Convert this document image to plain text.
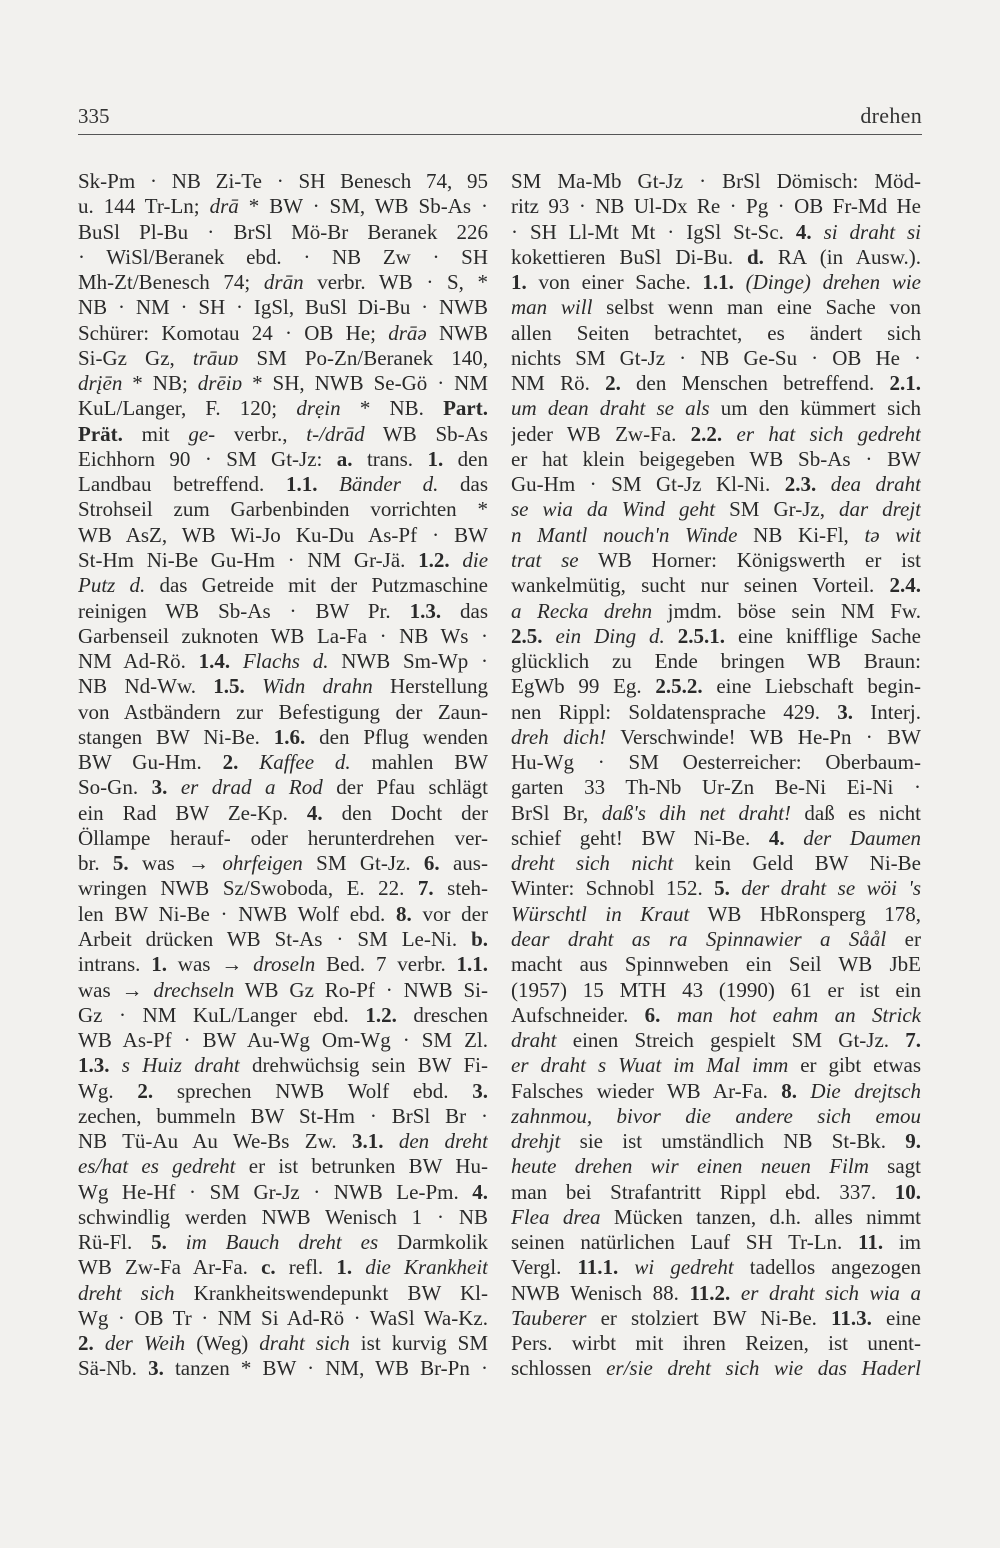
335	drehen
Sk-Pm · NB Zi-Te · SH Benesch 74, 95
u. 144 Tr-Ln; drā * BW · SM, WB Sb-As ·
BuSl Pl-Bu · BrSl Mö-Br Beranek 226
· WiSl/Beranek ebd. · NB Zw · SH
Mh-Zt/Benesch 74; drān verbr. WB · S, *
NB · NM · SH · IgSl, BuSl Di-Bu · NWB
Schürer: Komotau 24 · OB He; drāə NWB
Si-Gz Gz, trāuɒ SM Po-Zn/Beranek 140,
drįēn * NB; drēiɒ * SH, NWB Se-Gö · NM
KuL/Langer, F. 120; drẹin * NB. Part.
Prät. mit ge- verbr., t-/drād WB Sb-As
Eichhorn 90 · SM Gt-Jz: a. trans. 1. den
Landbau betreffend. 1.1. Bänder d. das
Strohseil zum Garbenbinden vorrichten *
WB AsZ, WB Wi-Jo Ku-Du As-Pf · BW
St-Hm Ni-Be Gu-Hm · NM Gr-Jä. 1.2. die
Putz d. das Getreide mit der Putzmaschine
reinigen WB Sb-As · BW Pr. 1.3. das
Garbenseil zuknoten WB La-Fa · NB Ws ·
NM Ad-Rö. 1.4. Flachs d. NWB Sm-Wp ·
NB Nd-Ww. 1.5. Widn drahn Herstellung
von Astbändern zur Befestigung der Zaun-
stangen BW Ni-Be. 1.6. den Pflug wenden
BW Gu-Hm. 2. Kaffee d. mahlen BW
So-Gn. 3. er drad a Rod der Pfau schlägt
ein Rad BW Ze-Kp. 4. den Docht der
Öllampe herauf- oder herunterdrehen ver-
br. 5. was → ohrfeigen SM Gt-Jz. 6. aus-
wringen NWB Sz/Swoboda, E. 22. 7. steh-
len BW Ni-Be · NWB Wolf ebd. 8. vor der
Arbeit drücken WB St-As · SM Le-Ni. b.
intrans. 1. was → droseln Bed. 7 verbr. 1.1.
was → drechseln WB Gz Ro-Pf · NWB Si-
Gz · NM KuL/Langer ebd. 1.2. dreschen
WB As-Pf · BW Au-Wg Om-Wg · SM Zl.
1.3. s Huiz draht drehwüchsig sein BW Fi-
Wg. 2. sprechen NWB Wolf ebd. 3.
zechen, bummeln BW St-Hm · BrSl Br ·
NB Tü-Au Au We-Bs Zw. 3.1. den dreht
es/hat es gedreht er ist betrunken BW Hu-
Wg He-Hf · SM Gr-Jz · NWB Le-Pm. 4.
schwindlig werden NWB Wenisch 1 · NB
Rü-Fl. 5. im Bauch dreht es Darmkolik
WB Zw-Fa Ar-Fa. c. refl. 1. die Krankheit
dreht sich Krankheitswendepunkt BW Kl-
Wg · OB Tr · NM Si Ad-Rö · WaSl Wa-Kz.
2. der Weih (Weg) draht sich ist kurvig SM
Sä-Nb. 3. tanzen * BW · NM, WB Br-Pn ·
SM Ma-Mb Gt-Jz · BrSl Dömisch: Möd-
ritz 93 · NB Ul-Dx Re · Pg · OB Fr-Md He
· SH Ll-Mt Mt · IgSl St-Sc. 4. si draht si
kokettieren BuSl Di-Bu. d. RA (in Ausw.).
1. von einer Sache. 1.1. (Dinge) drehen wie
man will selbst wenn man eine Sache von
allen Seiten betrachtet, es ändert sich
nichts SM Gt-Jz · NB Ge-Su · OB He ·
NM Rö. 2. den Menschen betreffend. 2.1.
um dean draht se als um den kümmert sich
jeder WB Zw-Fa. 2.2. er hat sich gedreht
er hat klein beigegeben WB Sb-As · BW
Gu-Hm · SM Gt-Jz Kl-Ni. 2.3. dea draht
se wia da Wind geht SM Gr-Jz, dar drejt
n Mantl nouch'n Winde NB Ki-Fl, tə wit
trat se WB Horner: Königswerth er ist
wankelmütig, sucht nur seinen Vorteil. 2.4.
a Recka drehn jmdm. böse sein NM Fw.
2.5. ein Ding d. 2.5.1. eine knifflige Sache
glücklich zu Ende bringen WB Braun:
EgWb 99 Eg. 2.5.2. eine Liebschaft begin-
nen Rippl: Soldatensprache 429. 3. Interj.
dreh dich! Verschwinde! WB He-Pn · BW
Hu-Wg · SM Oesterreicher: Oberbaum-
garten 33 Th-Nb Ur-Zn Be-Ni Ei-Ni ·
BrSl Br, daß's dih net draht! daß es nicht
schief geht! BW Ni-Be. 4. der Daumen
dreht sich nicht kein Geld BW Ni-Be
Winter: Schnobl 152. 5. der draht se wöi 's
Würschtl in Kraut WB HbRonsperg 178,
dear draht as ra Spinnawier a Såål er
macht aus Spinnweben ein Seil WB JbE
(1957) 15 MTH 43 (1990) 61 er ist ein
Aufschneider. 6. man hot eahm an Strick
draht einen Streich gespielt SM Gt-Jz. 7.
er draht s Wuat im Mal imm er gibt etwas
Falsches wieder WB Ar-Fa. 8. Die drejtsch
zahnmou, bivor die andere sich emou
drehjt sie ist umständlich NB St-Bk. 9.
heute drehen wir einen neuen Film sagt
man bei Strafantritt Rippl ebd. 337. 10.
Flea drea Mücken tanzen, d.h. alles nimmt
seinen natürlichen Lauf SH Tr-Ln. 11. im
Vergl. 11.1. wi gedreht tadellos angezogen
NWB Wenisch 88. 11.2. er draht sich wia a
Tauberer er stolziert BW Ni-Be. 11.3. eine
Pers. wirbt mit ihren Reizen, ist unent-
schlossen er/sie dreht sich wie das Haderl
